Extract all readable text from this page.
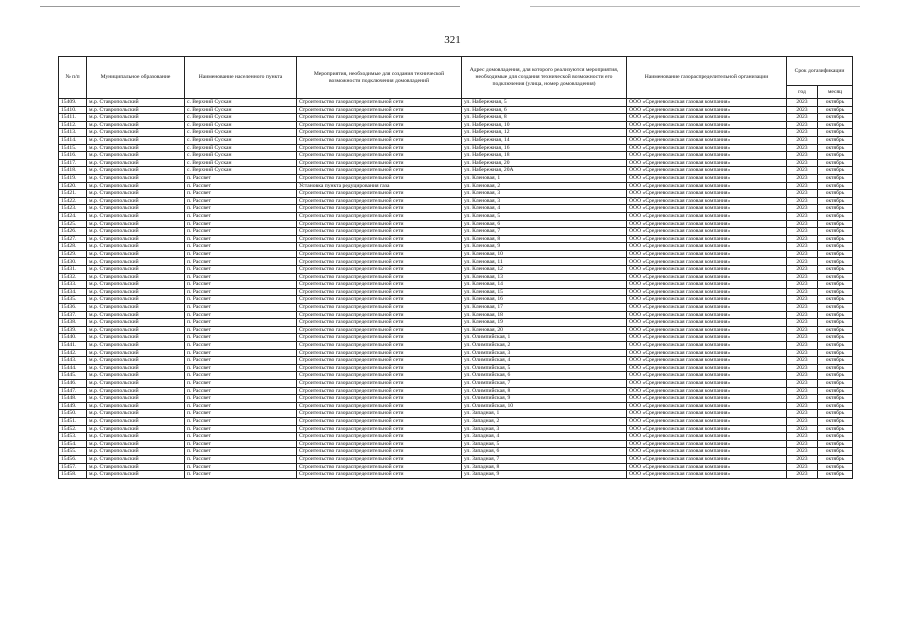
321
№ п/п	Муниципальное образование	Наименование населенного пункта	Мероприятия, необходимые для создания технической возможности подключения домовладений	Адрес домовладения, для которого реализуются мероприятия, необходимые для создания технической возможности его подключения (улица, номер домовладения)	Наименование газораспределительной организации	Срок догазификации	
						год	месяц
15409.	м.р. Ставропольский	с. Верхний Сускан	Строительство газораспределительной сети	ул. Набережная, 5	ООО «Средневолжская газовая компания»	2023	октябрь
15410.	м.р. Ставропольский	с. Верхний Сускан	Строительство газораспределительной сети	ул. Набережная, 6	ООО «Средневолжская газовая компания»	2023	октябрь
15411.	м.р. Ставропольский	с. Верхний Сускан	Строительство газораспределительной сети	ул. Набережная, 8	ООО «Средневолжская газовая компания»	2023	октябрь
15412.	м.р. Ставропольский	с. Верхний Сускан	Строительство газораспределительной сети	ул. Набережная, 10	ООО «Средневолжская газовая компания»	2023	октябрь
15413.	м.р. Ставропольский	с. Верхний Сускан	Строительство газораспределительной сети	ул. Набережная, 12	ООО «Средневолжская газовая компания»	2023	октябрь
15414.	м.р. Ставропольский	с. Верхний Сускан	Строительство газораспределительной сети	ул. Набережная, 14	ООО «Средневолжская газовая компания»	2023	октябрь
15415.	м.р. Ставропольский	с. Верхний Сускан	Строительство газораспределительной сети	ул. Набережная, 16	ООО «Средневолжская газовая компания»	2023	октябрь
15416.	м.р. Ставропольский	с. Верхний Сускан	Строительство газораспределительной сети	ул. Набережная, 18	ООО «Средневолжская газовая компания»	2023	октябрь
15417.	м.р. Ставропольский	с. Верхний Сускан	Строительство газораспределительной сети	ул. Набережная, 20	ООО «Средневолжская газовая компания»	2023	октябрь
15418.	м.р. Ставропольский	с. Верхний Сускан	Строительство газораспределительной сети	ул. Набережная, 20А	ООО «Средневолжская газовая компания»	2023	октябрь
15419.	м.р. Ставропольский	п. Рассвет	Строительство газораспределительной сети	ул. Кленовая, 1	ООО «Средневолжская газовая компания»	2023	октябрь
15420.	м.р. Ставропольский	п. Рассвет	Установка пункта редуцирования газа	ул. Кленовая, 2	ООО «Средневолжская газовая компания»	2023	октябрь
15421.	м.р. Ставропольский	п. Рассвет	Строительство газораспределительной сети	ул. Кленовая, 3	ООО «Средневолжская газовая компания»	2023	октябрь
15422.	м.р. Ставропольский	п. Рассвет	Строительство газораспределительной сети	ул. Кленовая, 3	ООО «Средневолжская газовая компания»	2023	октябрь
15423.	м.р. Ставропольский	п. Рассвет	Строительство газораспределительной сети	ул. Кленовая, 4	ООО «Средневолжская газовая компания»	2023	октябрь
15424.	м.р. Ставропольский	п. Рассвет	Строительство газораспределительной сети	ул. Кленовая, 5	ООО «Средневолжская газовая компания»	2023	октябрь
15425.	м.р. Ставропольский	п. Рассвет	Строительство газораспределительной сети	ул. Кленовая, 6	ООО «Средневолжская газовая компания»	2023	октябрь
15426.	м.р. Ставропольский	п. Рассвет	Строительство газораспределительной сети	ул. Кленовая, 7	ООО «Средневолжская газовая компания»	2023	октябрь
15427.	м.р. Ставропольский	п. Рассвет	Строительство газораспределительной сети	ул. Кленовая, 8	ООО «Средневолжская газовая компания»	2023	октябрь
15428.	м.р. Ставропольский	п. Рассвет	Строительство газораспределительной сети	ул. Кленовая, 9	ООО «Средневолжская газовая компания»	2023	октябрь
15429.	м.р. Ставропольский	п. Рассвет	Строительство газораспределительной сети	ул. Кленовая, 10	ООО «Средневолжская газовая компания»	2023	октябрь
15430.	м.р. Ставропольский	п. Рассвет	Строительство газораспределительной сети	ул. Кленовая, 11	ООО «Средневолжская газовая компания»	2023	октябрь
15431.	м.р. Ставропольский	п. Рассвет	Строительство газораспределительной сети	ул. Кленовая, 12	ООО «Средневолжская газовая компания»	2023	октябрь
15432.	м.р. Ставропольский	п. Рассвет	Строительство газораспределительной сети	ул. Кленовая, 13	ООО «Средневолжская газовая компания»	2023	октябрь
15433.	м.р. Ставропольский	п. Рассвет	Строительство газораспределительной сети	ул. Кленовая, 14	ООО «Средневолжская газовая компания»	2023	октябрь
15434.	м.р. Ставропольский	п. Рассвет	Строительство газораспределительной сети	ул. Кленовая, 15	ООО «Средневолжская газовая компания»	2023	октябрь
15435.	м.р. Ставропольский	п. Рассвет	Строительство газораспределительной сети	ул. Кленовая, 16	ООО «Средневолжская газовая компания»	2023	октябрь
15436.	м.р. Ставропольский	п. Рассвет	Строительство газораспределительной сети	ул. Кленовая, 17	ООО «Средневолжская газовая компания»	2023	октябрь
15437.	м.р. Ставропольский	п. Рассвет	Строительство газораспределительной сети	ул. Кленовая, 18	ООО «Средневолжская газовая компания»	2023	октябрь
15438.	м.р. Ставропольский	п. Рассвет	Строительство газораспределительной сети	ул. Кленовая, 19	ООО «Средневолжская газовая компания»	2023	октябрь
15439.	м.р. Ставропольский	п. Рассвет	Строительство газораспределительной сети	ул. Кленовая, 20	ООО «Средневолжская газовая компания»	2023	октябрь
15440.	м.р. Ставропольский	п. Рассвет	Строительство газораспределительной сети	ул. Олимпийская, 1	ООО «Средневолжская газовая компания»	2023	октябрь
15441.	м.р. Ставропольский	п. Рассвет	Строительство газораспределительной сети	ул. Олимпийская, 2	ООО «Средневолжская газовая компания»	2023	октябрь
15442.	м.р. Ставропольский	п. Рассвет	Строительство газораспределительной сети	ул. Олимпийская, 3	ООО «Средневолжская газовая компания»	2023	октябрь
15443.	м.р. Ставропольский	п. Рассвет	Строительство газораспределительной сети	ул. Олимпийская, 4	ООО «Средневолжская газовая компания»	2023	октябрь
15444.	м.р. Ставропольский	п. Рассвет	Строительство газораспределительной сети	ул. Олимпийская, 5	ООО «Средневолжская газовая компания»	2023	октябрь
15445.	м.р. Ставропольский	п. Рассвет	Строительство газораспределительной сети	ул. Олимпийская, 6	ООО «Средневолжская газовая компания»	2023	октябрь
15446.	м.р. Ставропольский	п. Рассвет	Строительство газораспределительной сети	ул. Олимпийская, 7	ООО «Средневолжская газовая компания»	2023	октябрь
15447.	м.р. Ставропольский	п. Рассвет	Строительство газораспределительной сети	ул. Олимпийская, 8	ООО «Средневолжская газовая компания»	2023	октябрь
15448.	м.р. Ставропольский	п. Рассвет	Строительство газораспределительной сети	ул. Олимпийская, 9	ООО «Средневолжская газовая компания»	2023	октябрь
15449.	м.р. Ставропольский	п. Рассвет	Строительство газораспределительной сети	ул. Олимпийская, 10	ООО «Средневолжская газовая компания»	2023	октябрь
15450.	м.р. Ставропольский	п. Рассвет	Строительство газораспределительной сети	ул. Западная, 1	ООО «Средневолжская газовая компания»	2023	октябрь
15451.	м.р. Ставропольский	п. Рассвет	Строительство газораспределительной сети	ул. Западная, 2	ООО «Средневолжская газовая компания»	2023	октябрь
15452.	м.р. Ставропольский	п. Рассвет	Строительство газораспределительной сети	ул. Западная, 3	ООО «Средневолжская газовая компания»	2023	октябрь
15453.	м.р. Ставропольский	п. Рассвет	Строительство газораспределительной сети	ул. Западная, 4	ООО «Средневолжская газовая компания»	2023	октябрь
15454.	м.р. Ставропольский	п. Рассвет	Строительство газораспределительной сети	ул. Западная, 5	ООО «Средневолжская газовая компания»	2023	октябрь
15455.	м.р. Ставропольский	п. Рассвет	Строительство газораспределительной сети	ул. Западная, 6	ООО «Средневолжская газовая компания»	2023	октябрь
15456.	м.р. Ставропольский	п. Рассвет	Строительство газораспределительной сети	ул. Западная, 7	ООО «Средневолжская газовая компания»	2023	октябрь
15457.	м.р. Ставропольский	п. Рассвет	Строительство газораспределительной сети	ул. Западная, 8	ООО «Средневолжская газовая компания»	2023	октябрь
15458.	м.р. Ставропольский	п. Рассвет	Строительство газораспределительной сети	ул. Западная, 9	ООО «Средневолжская газовая компания»	2023	октябрь
